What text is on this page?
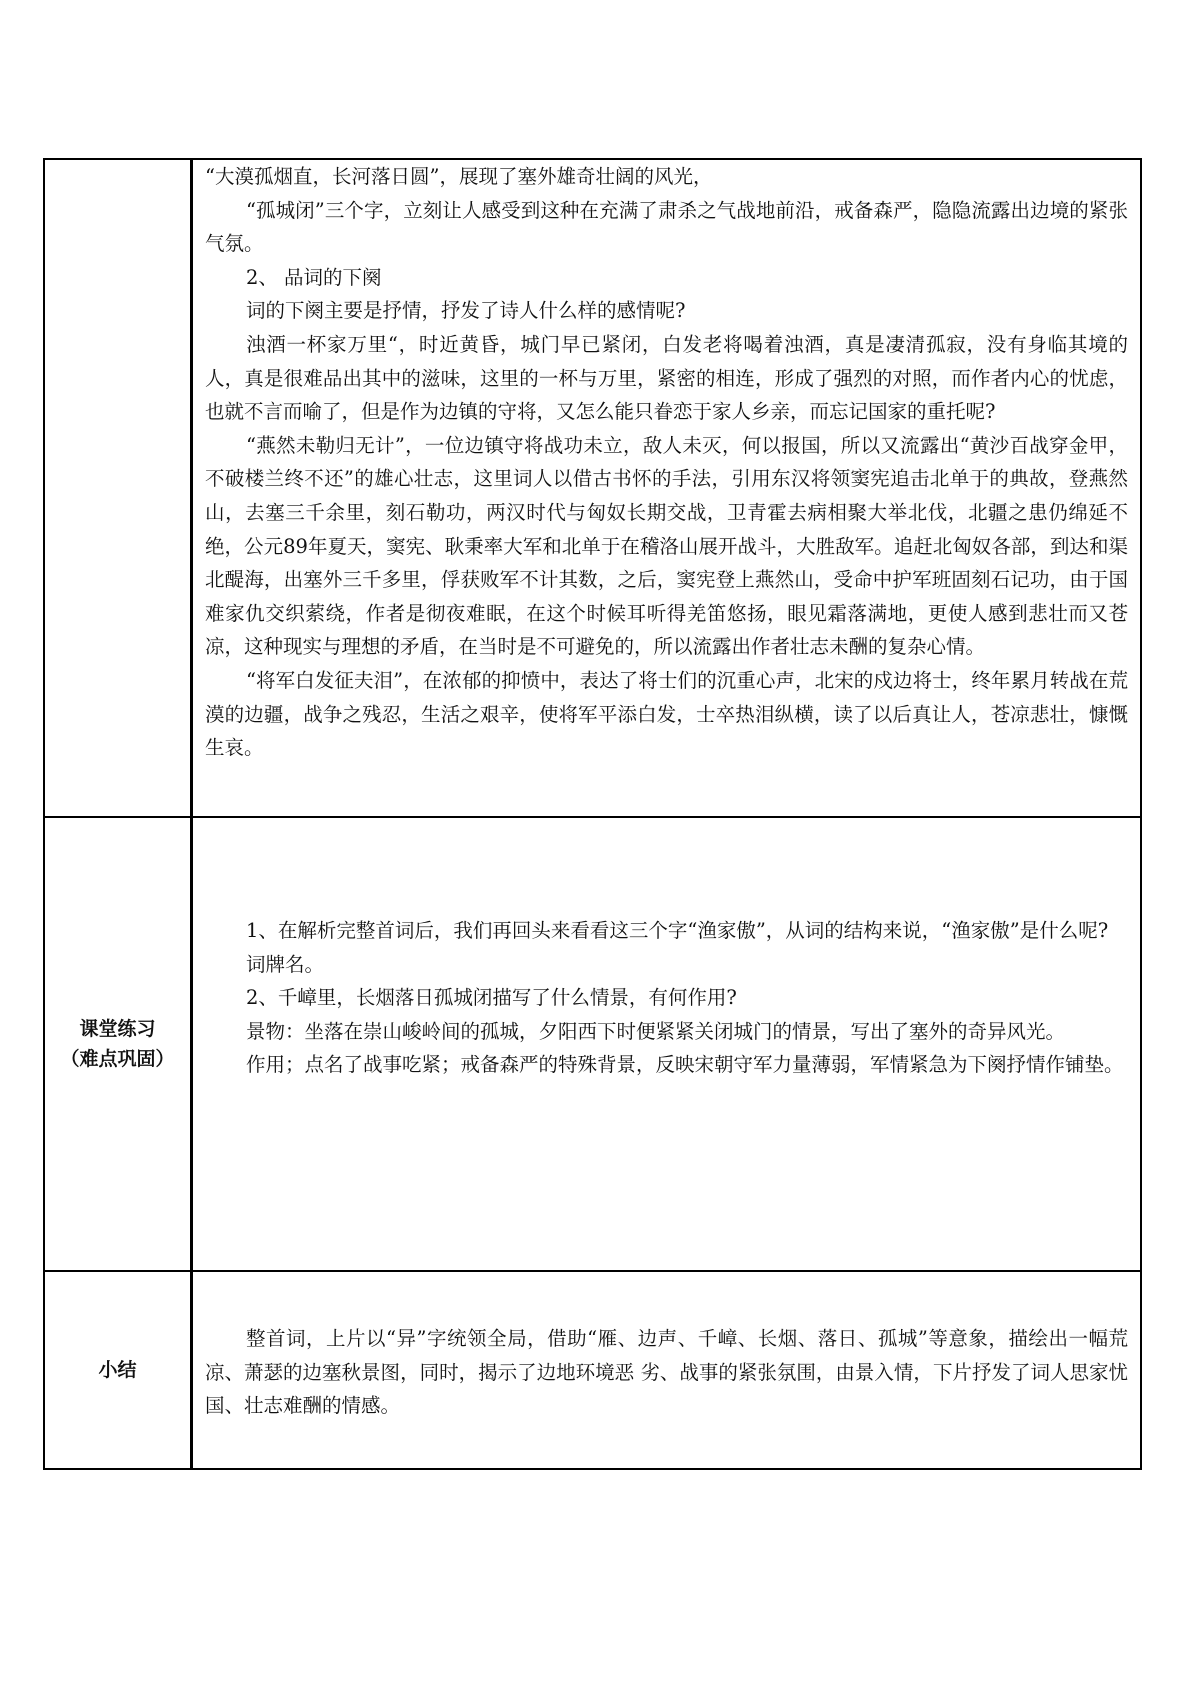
“大漠孤烟直，长河落日圆”，展现了塞外雄奇壮阔的风光，

“孤城闭”三个字，立刻让人感受到这种在充满了肃杀之气战地前沿，戒备森严，隐隐流露出边境的紧张气氛。

2、 品词的下阕

词的下阕主要是抒情，抒发了诗人什么样的感情呢?

浊酒一杯家万里“，时近黄昏，城门早已紧闭，白发老将喝着浊酒，真是凄清孤寂，没有身临其境的人，真是很难品出其中的滋味，这里的一杯与万里，紧密的相连，形成了强烈的对照，而作者内心的忧虑，也就不言而喻了，但是作为边镇的守将，又怎么能只眷恋于家人乡亲，而忘记国家的重托呢?

“燕然未勒归无计”，一位边镇守将战功未立，敌人未灭，何以报国，所以又流露出“黄沙百战穿金甲，不破楼兰终不还”的雄心壮志，这里词人以借古书怀的手法，引用东汉将领窦宪追击北单于的典故，登燕然山，去塞三千余里，刻石勒功，两汉时代与匈奴长期交战，卫青霍去病相聚大举北伐，北疆之患仍绵延不绝，公元89年夏天，窦宪、耿秉率大军和北单于在稽洛山展开战斗，大胜敌军。追赶北匈奴各部，到达和渠北醍海，出塞外三千多里，俘获败军不计其数，之后，窦宪登上燕然山，受命中护军班固刻石记功，由于国难家仇交织萦绕，作者是彻夜难眠，在这个时候耳听得羌笛悠扬，眼见霜落满地，更使人感到悲壮而又苍凉，这种现实与理想的矛盾，在当时是不可避免的，所以流露出作者壮志未酬的复杂心情。

“将军白发征夫泪”，在浓郁的抑愤中，表达了将士们的沉重心声，北宋的戍边将士，终年累月转战在荒漠的边疆，战争之残忍，生活之艰辛，使将军平添白发，士卒热泪纵横，读了以后真让人，苍凉悲壮，慷慨生哀。

课堂练习
（难点巩固）

1、在解析完整首词后，我们再回头来看看这三个字“渔家傲”，从词的结构来说，“渔家傲”是什么呢?

词牌名。

2、千嶂里，长烟落日孤城闭描写了什么情景，有何作用?

景物：坐落在崇山峻岭间的孤城，夕阳西下时便紧紧关闭城门的情景，写出了塞外的奇异风光。

作用；点名了战事吃紧；戒备森严的特殊背景，反映宋朝守军力量薄弱，军情紧急为下阕抒情作铺垫。

小结

整首词，上片以“异”字统领全局，借助“雁、边声、千嶂、长烟、落日、孤城”等意象，描绘出一幅荒凉、萧瑟的边塞秋景图，同时，揭示了边地环境恶 劣、战事的紧张氛围，由景入情，下片抒发了词人思家忧国、壮志难酬的情感。
